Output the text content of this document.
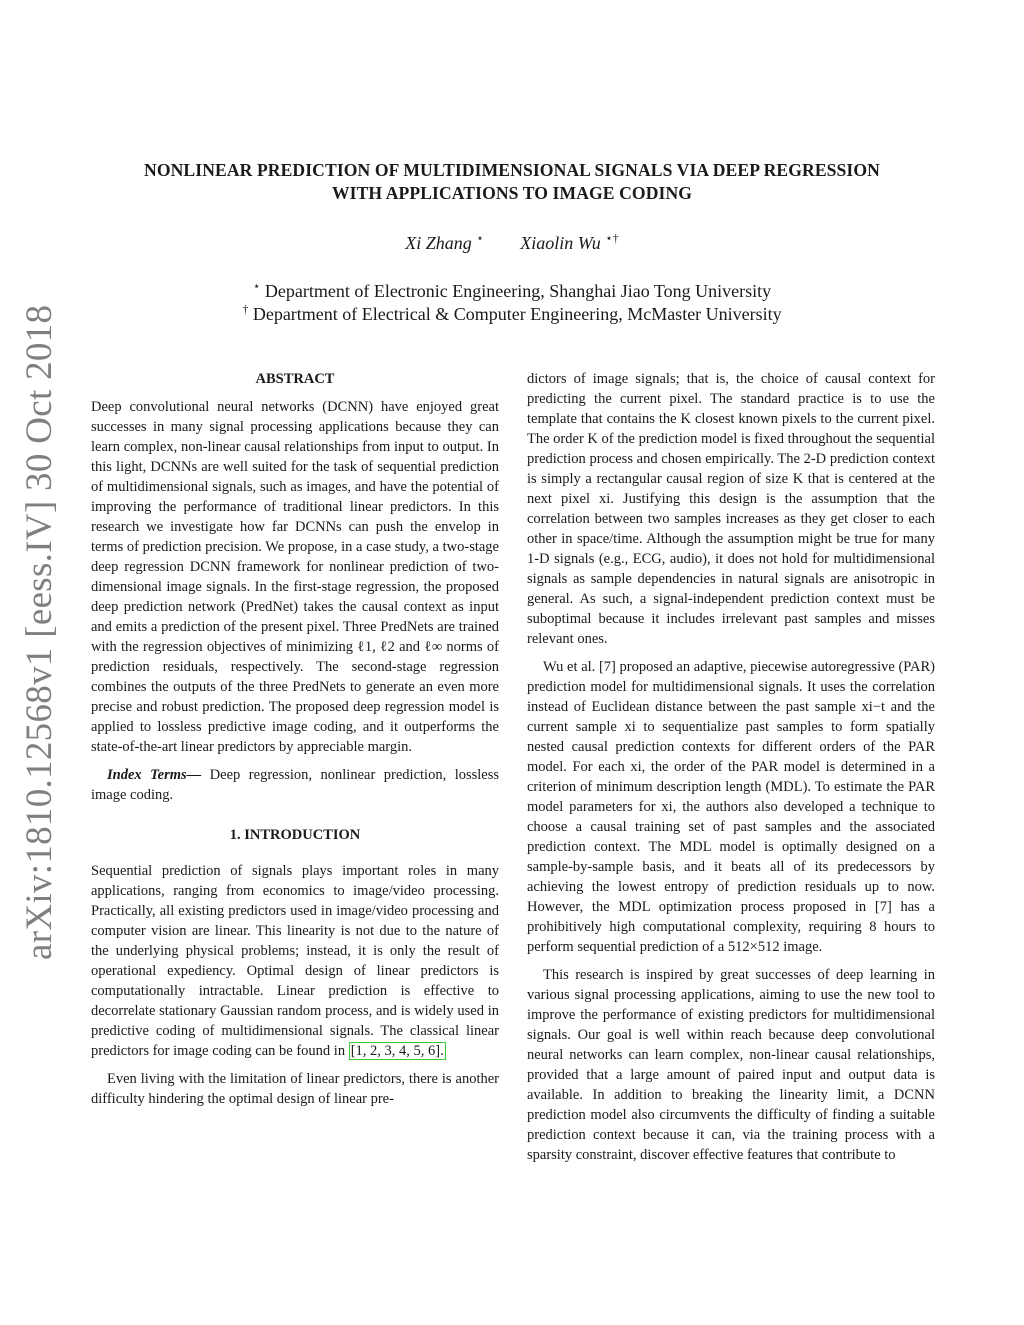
NONLINEAR PREDICTION OF MULTIDIMENSIONAL SIGNALS VIA DEEP REGRESSION
WITH APPLICATIONS TO IMAGE CODING
Xi Zhang ⋆ Xiaolin Wu ⋆†
⋆ Department of Electronic Engineering, Shanghai Jiao Tong University
† Department of Electrical & Computer Engineering, McMaster University
arXiv:1810.12568v1 [eess.IV] 30 Oct 2018	ABSTRACT

Deep convolutional neural networks (DCNN) have enjoyed great successes in many signal processing applications because they can learn complex, non-linear causal relationships from input to output. In this light, DCNNs are well suited for the task of sequential prediction of multidimensional signals, such as images, and have the potential of improving the performance of traditional linear predictors. In this research we investigate how far DCNNs can push the envelop in terms of prediction precision. We propose, in a case study, a two-stage deep regression DCNN framework for nonlinear prediction of two-dimensional image signals. In the first-stage regression, the proposed deep prediction network (PredNet) takes the causal context as input and emits a prediction of the present pixel. Three PredNets are trained with the regression objectives of minimizing ℓ1, ℓ2 and ℓ∞ norms of prediction residuals, respectively. The second-stage regression combines the outputs of the three PredNets to generate an even more precise and robust prediction. The proposed deep regression model is applied to lossless predictive image coding, and it outperforms the state-of-the-art linear predictors by appreciable margin.

Index Terms— Deep regression, nonlinear prediction, lossless image coding.

1. INTRODUCTION

Sequential prediction of signals plays important roles in many applications, ranging from economics to image/video processing. Practically, all existing predictors used in image/video processing and computer vision are linear. This linearity is not due to the nature of the underlying physical problems; instead, it is only the result of operational expediency. Optimal design of linear predictors is computationally intractable. Linear prediction is effective to decorrelate stationary Gaussian random process, and is widely used in predictive coding of multidimensional signals. The classical linear predictors for image coding can be found in [1, 2, 3, 4, 5, 6].

Even living with the limitation of linear predictors, there is another difficulty hindering the optimal design of linear pre-

dictors of image signals; that is, the choice of causal context for predicting the current pixel. The standard practice is to use the template that contains the K closest known pixels to the current pixel. The order K of the prediction model is fixed throughout the sequential prediction process and chosen empirically. The 2-D prediction context is simply a rectangular causal region of size K that is centered at the next pixel xi. Justifying this design is the assumption that the correlation between two samples increases as they get closer to each other in space/time. Although the assumption might be true for many 1-D signals (e.g., ECG, audio), it does not hold for multidimensional signals as sample dependencies in natural signals are anisotropic in general. As such, a signal-independent prediction context must be suboptimal because it includes irrelevant past samples and misses relevant ones.

Wu et al. [7] proposed an adaptive, piecewise autoregressive (PAR) prediction model for multidimensional signals. It uses the correlation instead of Euclidean distance between the past sample xi−t and the current sample xi to sequentialize past samples to form spatially nested causal prediction contexts for different orders of the PAR model. For each xi, the order of the PAR model is determined in a criterion of minimum description length (MDL). To estimate the PAR model parameters for xi, the authors also developed a technique to choose a causal training set of past samples and the associated prediction context. The MDL model is optimally designed on a sample-by-sample basis, and it beats all of its predecessors by achieving the lowest entropy of prediction residuals up to now. However, the MDL optimization process proposed in [7] has a prohibitively high computational complexity, requiring 8 hours to perform sequential prediction of a 512×512 image.

This research is inspired by great successes of deep learning in various signal processing applications, aiming to use the new tool to improve the performance of existing predictors for multidimensional signals. Our goal is well within reach because deep convolutional neural networks can learn complex, non-linear causal relationships, provided that a large amount of paired input and output data is available. In addition to breaking the linearity limit, a DCNN prediction model also circumvents the difficulty of finding a suitable prediction context because it can, via the training process with a sparsity constraint, discover effective features that contribute to
